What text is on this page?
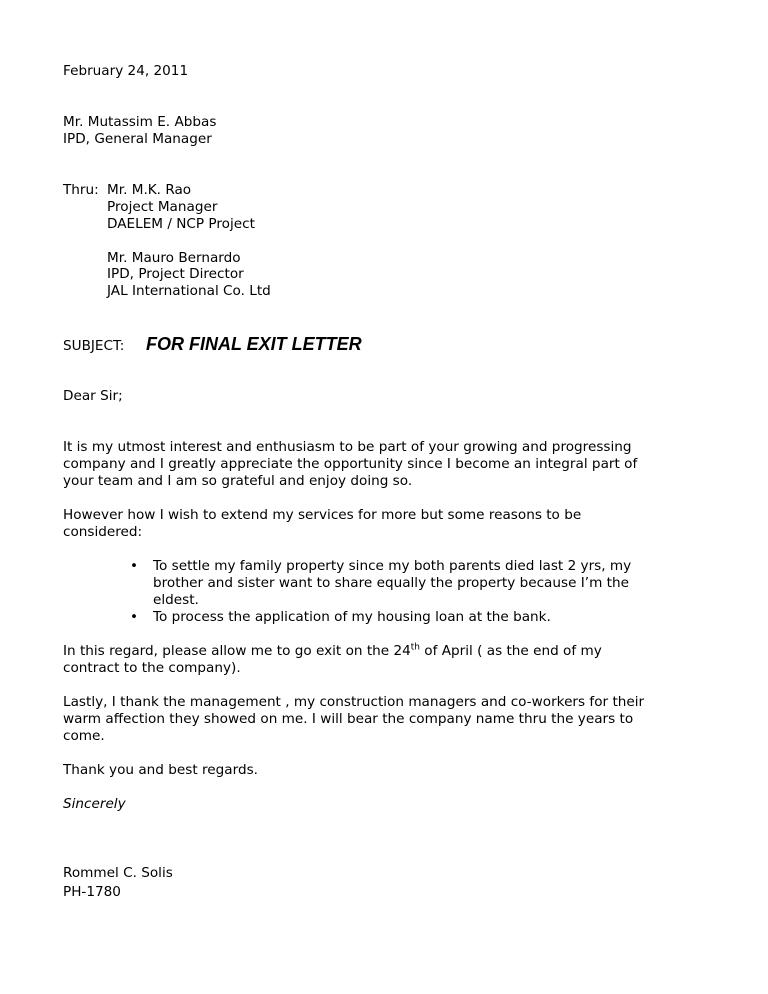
February 24, 2011
Mr. Mutassim E. Abbas
IPD, General Manager
Thru: Mr. M.K. Rao
Project Manager
DAELEM / NCP Project
Mr. Mauro Bernardo
IPD, Project Director
JAL International Co. Ltd
SUBJECT: FOR FINAL EXIT LETTER
Dear Sir;
It is my utmost interest and enthusiasm to be part of your growing and progressing
company and I greatly appreciate the opportunity since I become an integral part of
your team and I am so grateful and enjoy doing so.
However how I wish to extend my services for more but some reasons to be
considered:
• To settle my family property since my both parents died last 2 yrs, my
brother and sister want to share equally the property because I’m the
eldest.
• To process the application of my housing loan at the bank.
In this regard, please allow me to go exit on the 24th of April ( as the end of my
contract to the company).
Lastly, I thank the management , my construction managers and co-workers for their
warm affection they showed on me. I will bear the company name thru the years to
come.
Thank you and best regards.
Sincerely
Rommel C. Solis
PH-1780
